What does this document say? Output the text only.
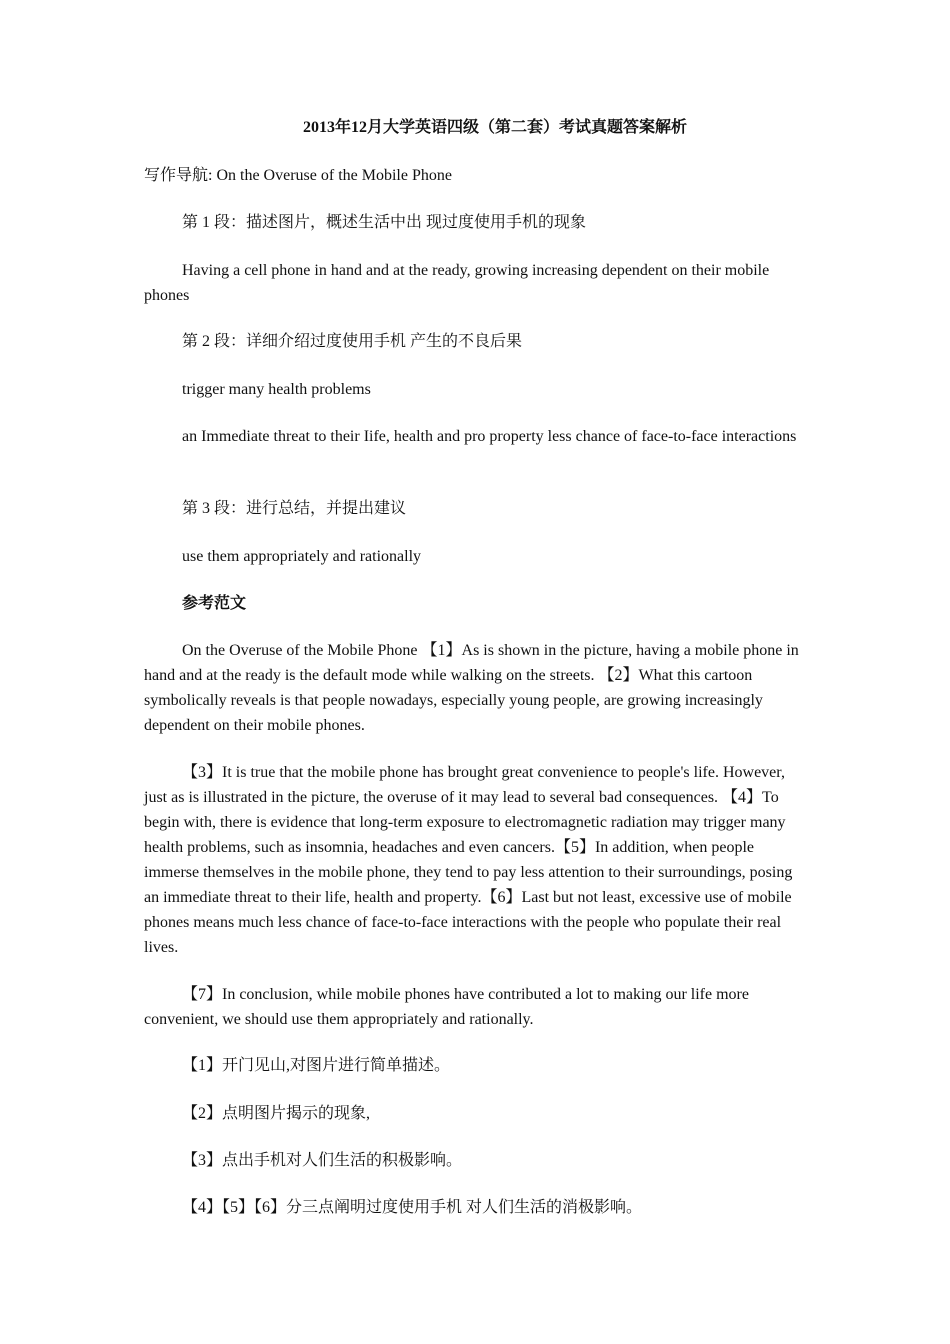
2013年12月大学英语四级（第二套）考试真题答案解析
写作导航: On the Overuse of the Mobile Phone
第 1 段：描述图片，概述生活中出 现过度使用手机的现象
Having a cell phone in hand and at the ready, growing increasing dependent on their mobile phones
第 2 段：详细介绍过度使用手机 产生的不良后果
trigger many health problems
an Immediate threat to their Iife, health and pro property less chance of face-to-face interactions
第 3 段：进行总结，并提出建议
use them appropriately and rationally
参考范文
On the Overuse of the Mobile Phone 【1】As is shown in the picture, having a mobile phone in hand and at the ready is the default mode while walking on the streets. 【2】What this cartoon symbolically reveals is that people nowadays, especially young people, are growing increasingly dependent on their mobile phones.
【3】It is true that the mobile phone has brought great convenience to people's life. However, just as is illustrated in the picture, the overuse of it may lead to several bad consequences. 【4】To begin with, there is evidence that long-term exposure to electromagnetic radiation may trigger many health problems, such as insomnia, headaches and even cancers.【5】In addition, when people immerse themselves in the mobile phone, they tend to pay less attention to their surroundings, posing an immediate threat to their life, health and property.【6】Last but not least, excessive use of mobile phones means much less chance of face-to-face interactions with the people who populate their real lives.
【7】In conclusion, while mobile phones have contributed a lot to making our life more convenient, we should use them appropriately and rationally.
【1】开门见山,对图片进行简单描述。
【2】点明图片揭示的现象,
【3】点出手机对人们生活的积极影响。
【4】【5】【6】分三点阐明过度使用手机 对人们生活的消极影响。
